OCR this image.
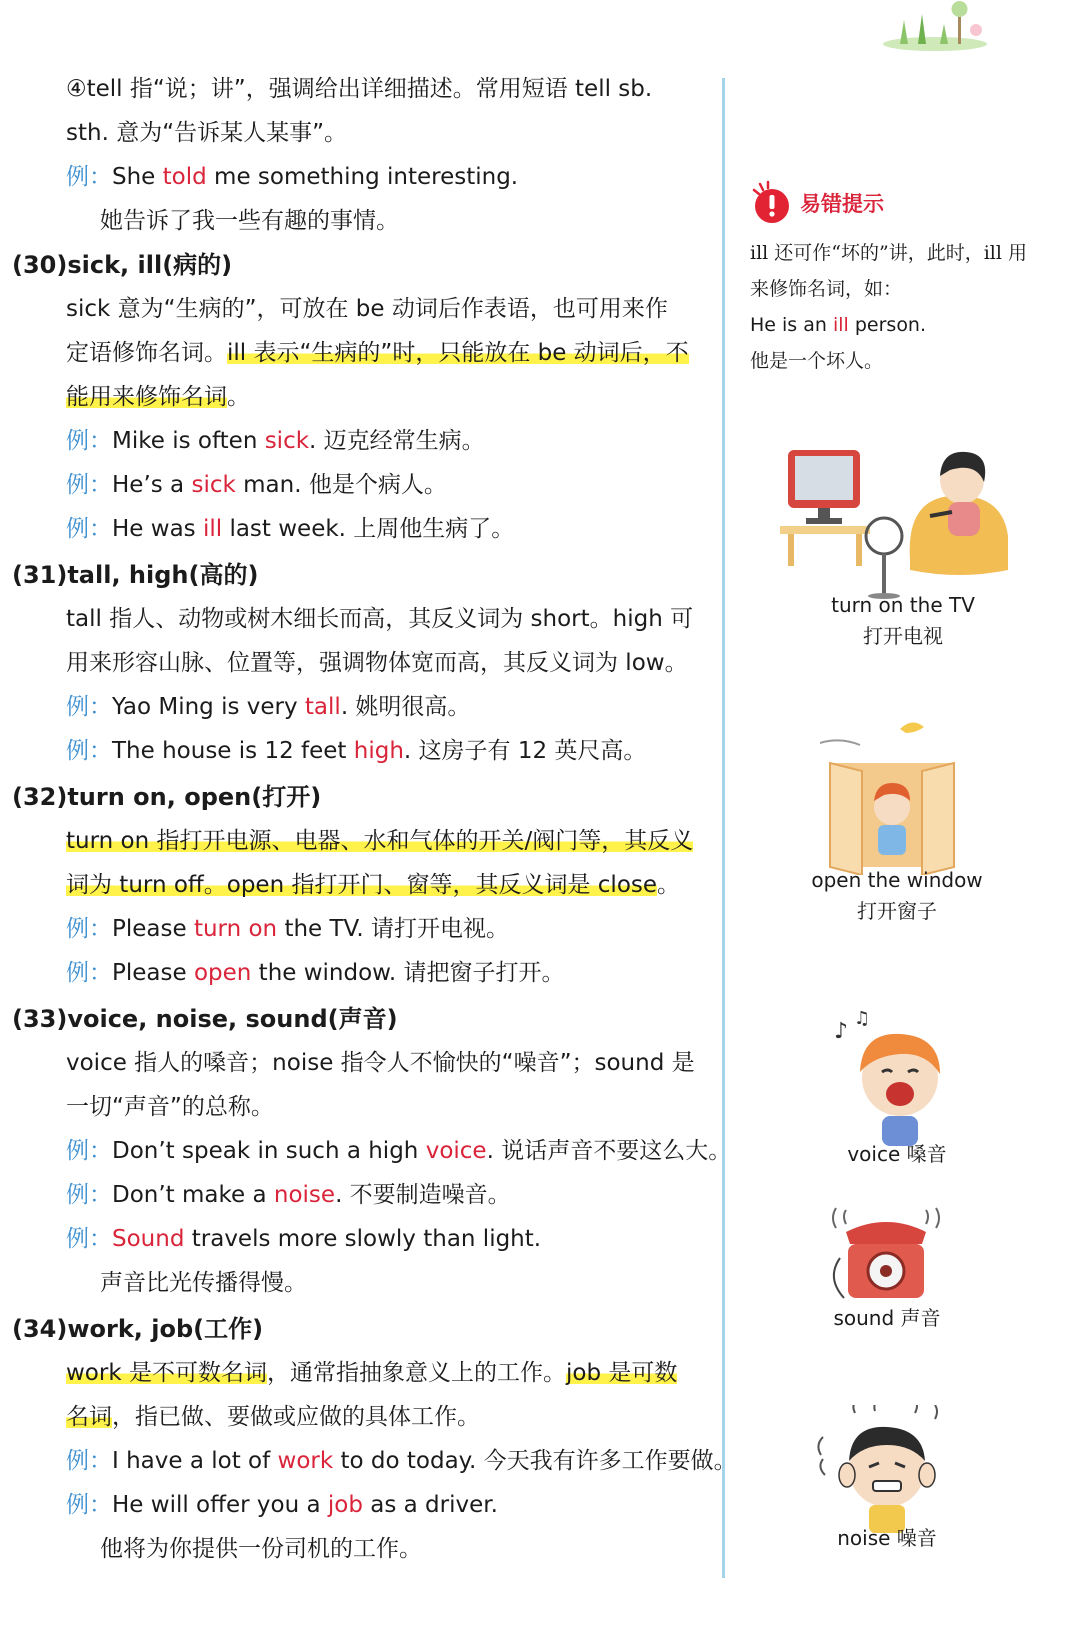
④tell 指“说；讲”，强调给出详细描述。常用短语 tell sb.
sth. 意为“告诉某人某事”。
例：She told me something interesting.
她告诉了我一些有趣的事情。
(30)sick, ill(病的)
sick 意为“生病的”，可放在 be 动词后作表语，也可用来作
定语修饰名词。ill 表示“生病的”时，只能放在 be 动词后，不
能用来修饰名词。
例：Mike is often sick. 迈克经常生病。
例：He’s a sick man. 他是个病人。
例：He was ill last week. 上周他生病了。
(31)tall, high(高的)
tall 指人、动物或树木细长而高，其反义词为 short。high 可
用来形容山脉、位置等，强调物体宽而高，其反义词为 low。
例：Yao Ming is very tall. 姚明很高。
例：The house is 12 feet high. 这房子有 12 英尺高。
(32)turn on, open(打开)
turn on 指打开电源、电器、水和气体的开关/阀门等，其反义
词为 turn off。open 指打开门、窗等，其反义词是 close。
例：Please turn on the TV. 请打开电视。
例：Please open the window. 请把窗子打开。
(33)voice, noise, sound(声音)
voice 指人的嗓音；noise 指令人不愉快的“噪音”；sound 是
一切“声音”的总称。
例：Don’t speak in such a high voice. 说话声音不要这么大。
例：Don’t make a noise. 不要制造噪音。
例：Sound travels more slowly than light.
声音比光传播得慢。
(34)work, job(工作)
work 是不可数名词，通常指抽象意义上的工作。job 是可数
名词，指已做、要做或应做的具体工作。
例：I have a lot of work to do today. 今天我有许多工作要做。
例：He will offer you a job as a driver.
他将为你提供一份司机的工作。
易错提示
ill 还可作“坏的”讲，此时，ill 用
来修饰名词，如：
He is an ill person.
他是一个坏人。
turn on the TV
打开电视
open the window
打开窗子
♪
♫
voice 嗓音
sound 声音
noise 噪音
